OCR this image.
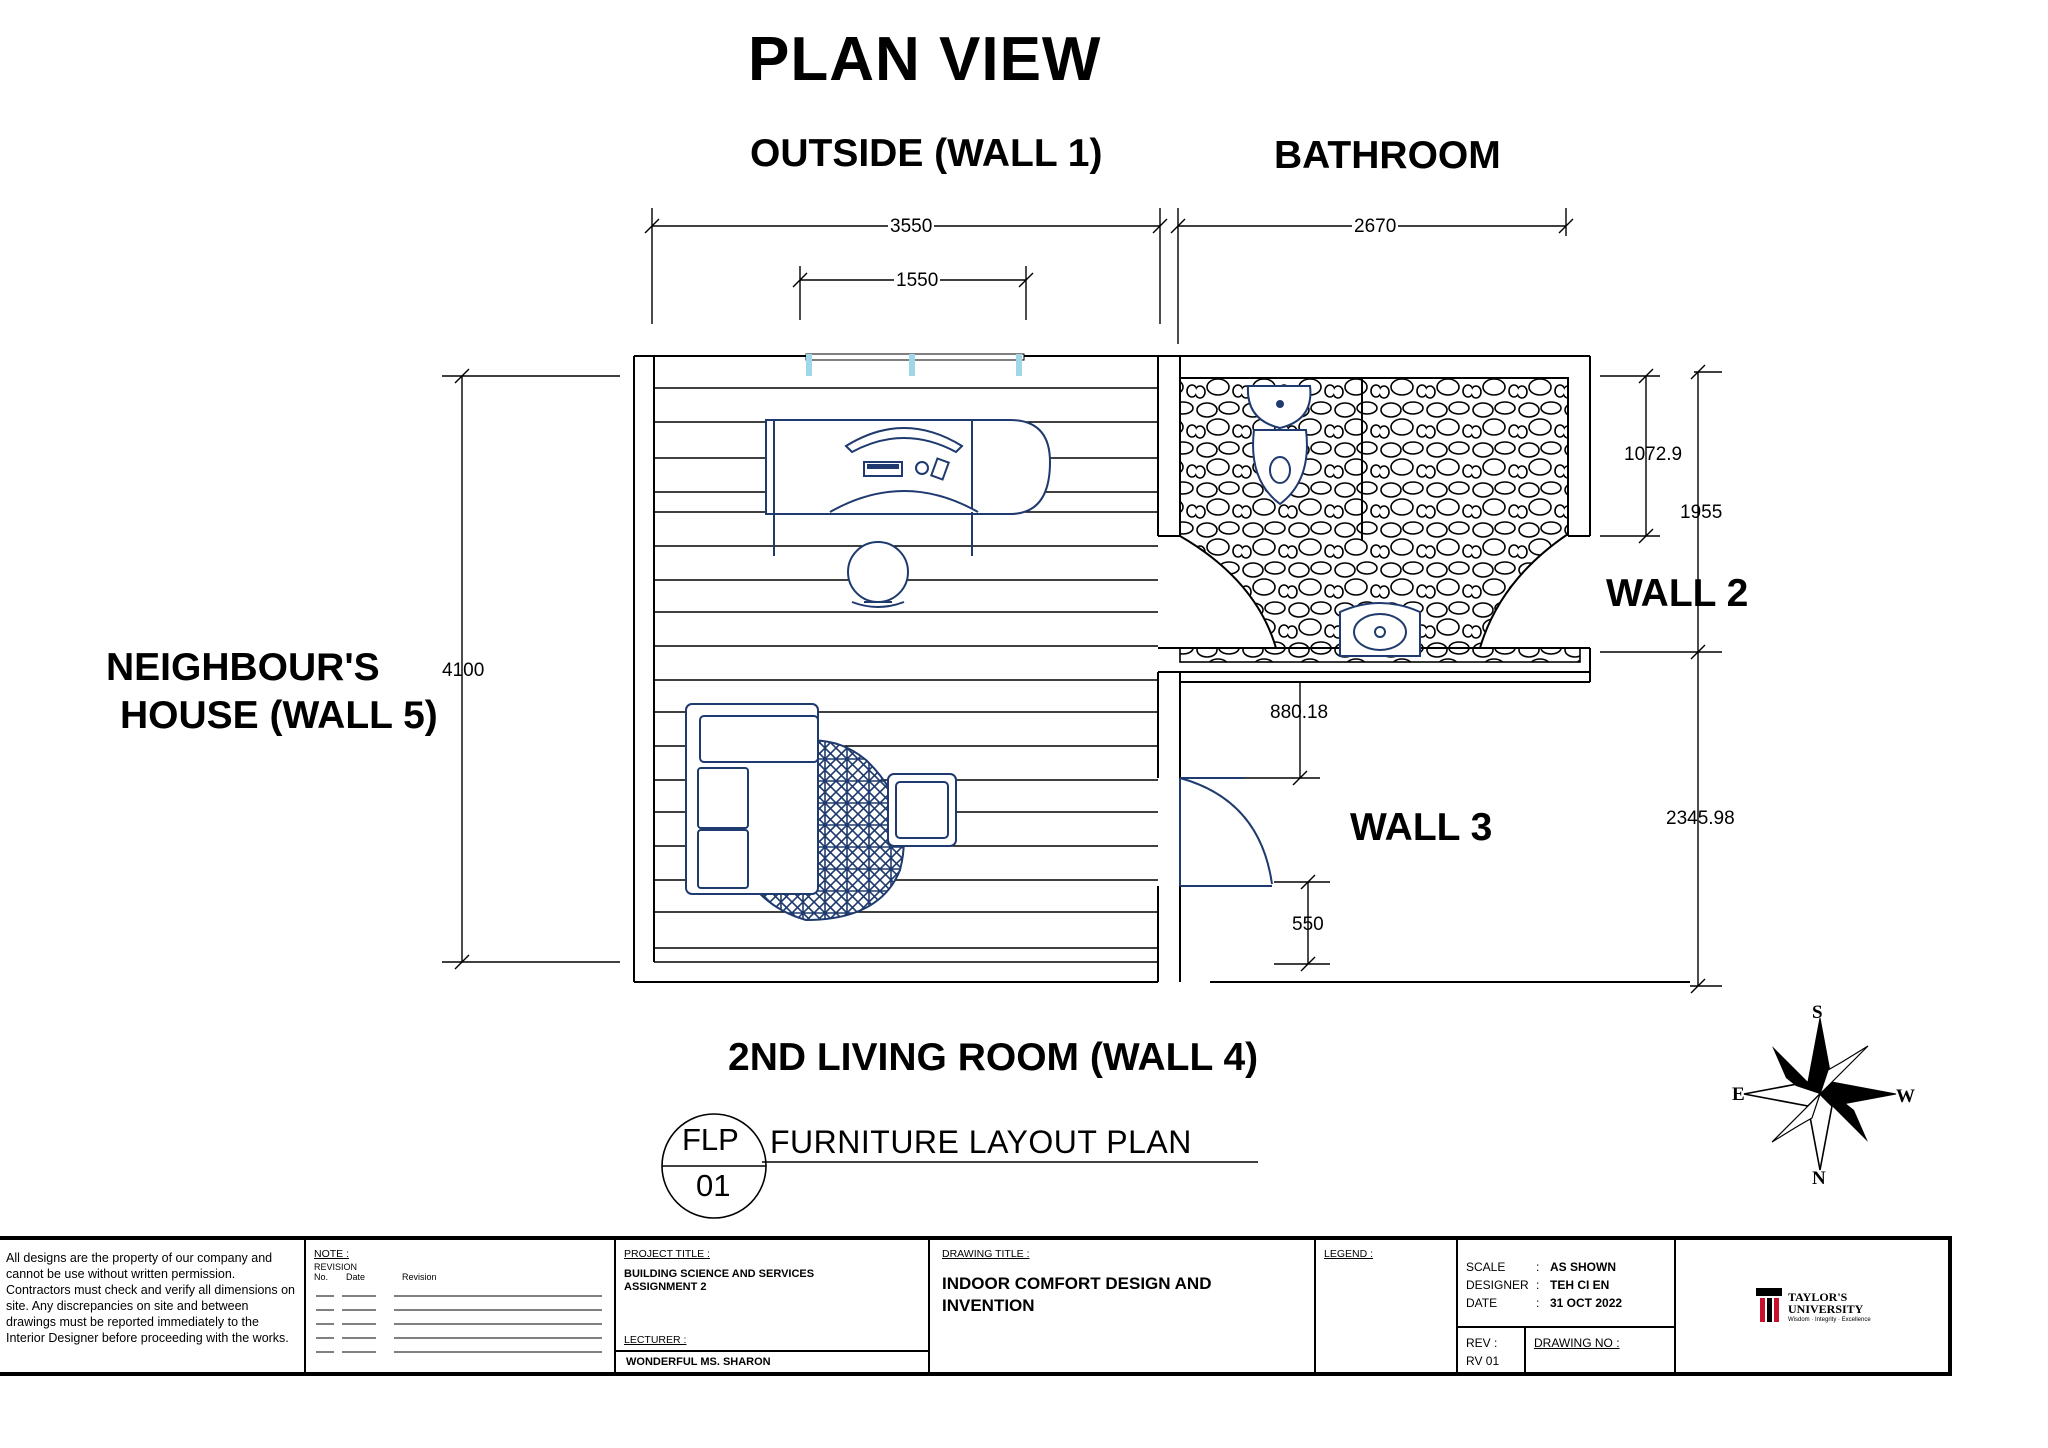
PLAN VIEW
OUTSIDE (WALL 1)	BATHROOM
WALL 2
WALL 3
NEIGHBOUR'S
HOUSE (WALL 5)
2ND LIVING ROOM (WALL 4)
3550
1550
2670
4100
1072.9
1955
880.18
550
2345.98
S
N
E	W
FLP
01
FURNITURE LAYOUT PLAN
All designs are the property of our company and cannot be use without written permission. Contractors must check and verify all dimensions on site. Any discrepancies on site and between drawings must be reported immediately to the Interior Designer before proceeding with the works.
NOTE :
REVISION
No. Date	Revision
PROJECT TITLE :
BUILDING SCIENCE AND SERVICES
ASSIGNMENT 2
LECTURER :
WONDERFUL MS. SHARON
DRAWING TITLE :
INDOOR COMFORT DESIGN AND
INVENTION
LEGEND :
SCALE	: AS SHOWN
DESIGNER : TEH CI EN
DATE	: 31 OCT 2022
REV :
RV 01
DRAWING NO :
TAYLOR'S
UNIVERSITY
Wisdom · Integrity · Excellence
